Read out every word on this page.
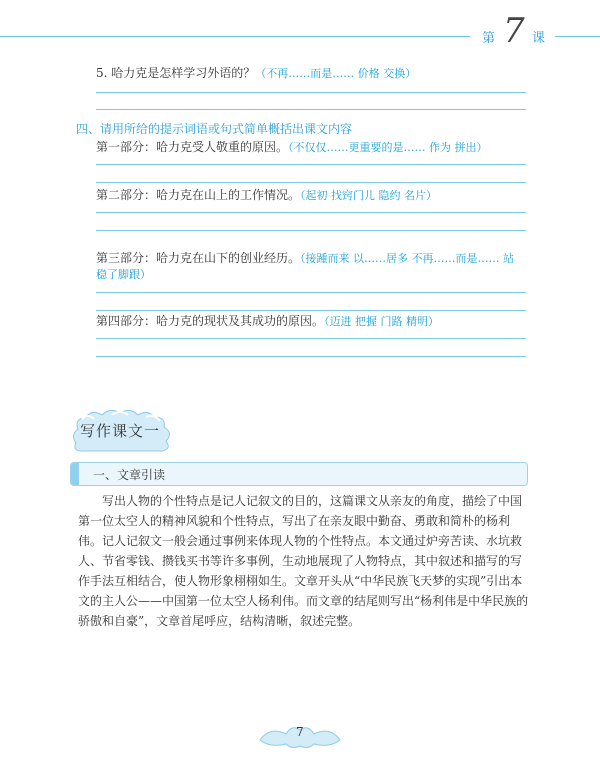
第 7 课
5. 哈力克是怎样学习外语的？（不再……而是…… 价格 交换）
四、请用所给的提示词语或句式简单概括出课文内容
第一部分：哈力克受人敬重的原因。（不仅仅……更重要的是…… 作为 拼出）
第二部分：哈力克在山上的工作情况。（起初 找窍门儿 隐约 名片）
第三部分：哈力克在山下的创业经历。（接踵而来 以……居多 不再……而是…… 站
稳了脚跟）
第四部分：哈力克的现状及其成功的原因。（迈进 把握 门路 精明）
写作课文一
一、文章引读

写出人物的个性特点是记人记叙文的目的，这篇课文从亲友的角度，描绘了中国第一位太空人的精神风貌和个性特点，写出了在亲友眼中勤奋、勇敢和简朴的杨利伟。记人记叙文一般会通过事例来体现人物的个性特点。本文通过炉旁苦读、水坑救人、节省零钱、攒钱买书等许多事例，生动地展现了人物特点，其中叙述和描写的写作手法互相结合，使人物形象栩栩如生。文章开头从“中华民族飞天梦的实现”引出本文的主人公——中国第一位太空人杨利伟。而文章的结尾则写出“杨利伟是中华民族的骄傲和自豪”，文章首尾呼应，结构清晰，叙述完整。

7
